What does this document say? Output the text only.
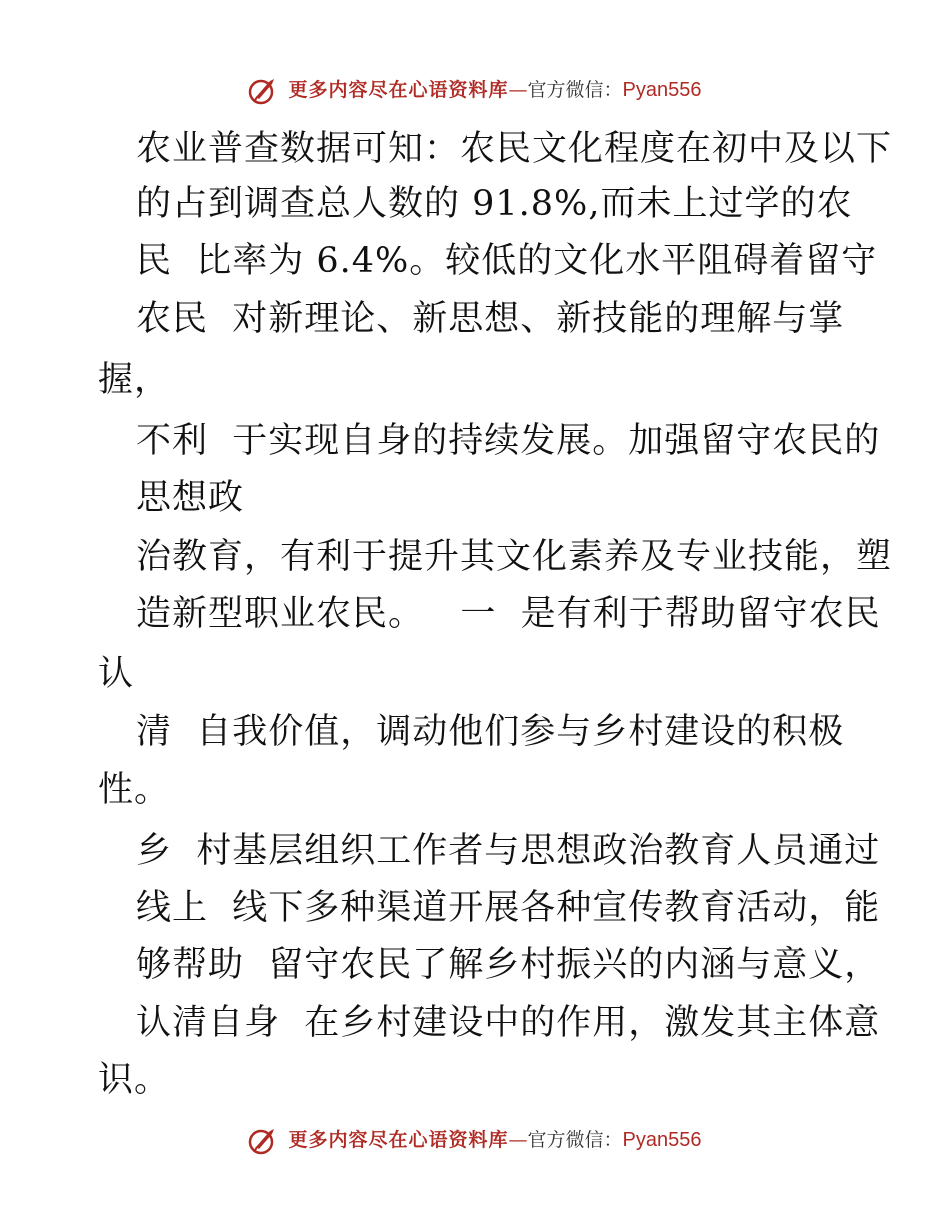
更多内容尽在心语资料库—官方微信：Pyan556
农业普查数据可知：农民文化程度在初中及以下
的占到调查总人数的 91.8%,而未上过学的农
民  比率为 6.4%。较低的文化水平阻碍着留守
农民  对新理论、新思想、新技能的理解与掌
握，
不利  于实现自身的持续发展。加强留守农民的
思想政
治教育，有利于提升其文化素养及专业技能，塑
造新型职业农民。   一  是有利于帮助留守农民
认
清  自我价值，调动他们参与乡村建设的积极
性。
乡  村基层组织工作者与思想政治教育人员通过
线上  线下多种渠道开展各种宣传教育活动，能
够帮助  留守农民了解乡村振兴的内涵与意义，
认清自身  在乡村建设中的作用，激发其主体意
识。
更多内容尽在心语资料库—官方微信：Pyan556
